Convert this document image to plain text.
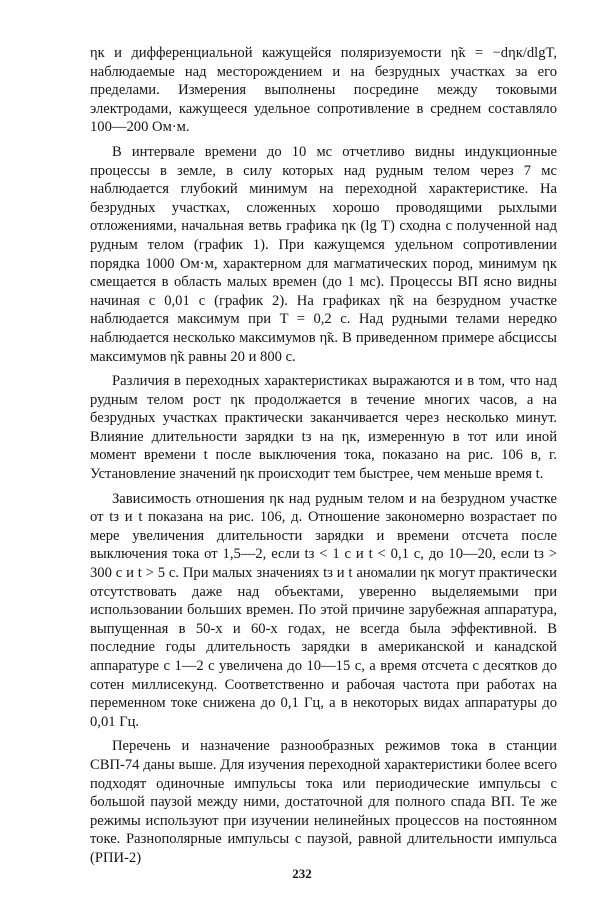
ηк и дифференциальной кажущейся поляризуемости η̃к = −dηк/dlgT, наблюдаемые над месторождением и на безрудных участках за его пределами. Измерения выполнены посредине между токовыми электродами, кажущееся удельное сопротивление в среднем составляло 100—200 Ом·м.

В интервале времени до 10 мс отчетливо видны индукционные процессы в земле, в силу которых над рудным телом через 7 мс наблюдается глубокий минимум на переходной характеристике. На безрудных участках, сложенных хорошо проводящими рыхлыми отложениями, начальная ветвь графика ηк (lg T) сходна с полученной над рудным телом (график 1). При кажущемся удельном сопротивлении порядка 1000 Ом·м, характерном для магматических пород, минимум ηк смещается в область малых времен (до 1 мс). Процессы ВП ясно видны начиная с 0,01 с (график 2). На графиках η̃к на безрудном участке наблюдается максимум при T = 0,2 с. Над рудными телами нередко наблюдается несколько максимумов η̃к. В приведенном примере абсциссы максимумов η̃к равны 20 и 800 с.

Различия в переходных характеристиках выражаются и в том, что над рудным телом рост ηк продолжается в течение многих часов, а на безрудных участках практически заканчивается через несколько минут. Влияние длительности зарядки tз на ηк, измеренную в тот или иной момент времени t после выключения тока, показано на рис. 106 в, г. Установление значений ηк происходит тем быстрее, чем меньше время t.

Зависимость отношения ηк над рудным телом и на безрудном участке от tз и t показана на рис. 106, д. Отношение закономерно возрастает по мере увеличения длительности зарядки и времени отсчета после выключения тока от 1,5—2, если tз < 1 с и t < 0,1 с, до 10—20, если tз > 300 с и t > 5 с. При малых значениях tз и t аномалии ηк могут практически отсутствовать даже над объектами, уверенно выделяемыми при использовании больших времен. По этой причине зарубежная аппаратура, выпущенная в 50-х и 60-х годах, не всегда была эффективной. В последние годы длительность зарядки в американской и канадской аппаратуре с 1—2 с увеличена до 10—15 с, а время отсчета с десятков до сотен миллисекунд. Соответственно и рабочая частота при работах на переменном токе снижена до 0,1 Гц, а в некоторых видах аппаратуры до 0,01 Гц.

Перечень и назначение разнообразных режимов тока в станции СВП-74 даны выше. Для изучения переходной характеристики более всего подходят одиночные импульсы тока или периодические импульсы с большой паузой между ними, достаточной для полного спада ВП. Те же режимы используют при изучении нелинейных процессов на постоянном токе. Разнополярные импульсы с паузой, равной длительности импульса (РПИ-2)

232
